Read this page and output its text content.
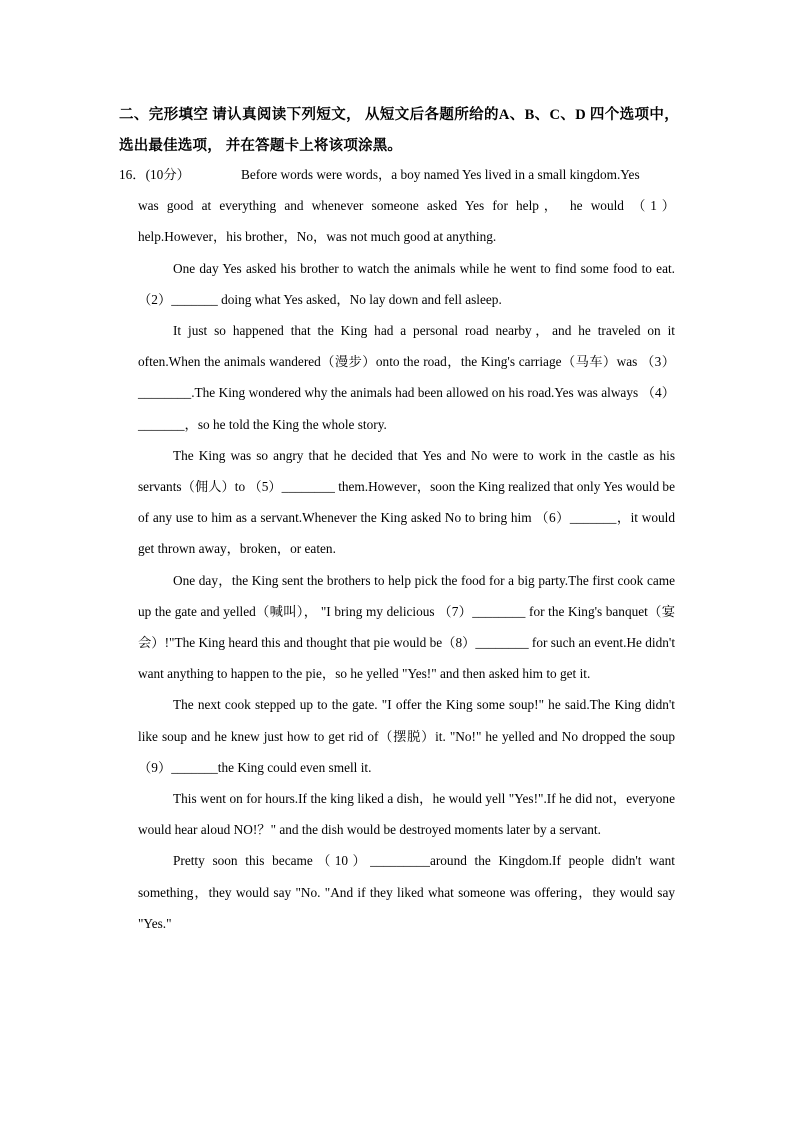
二、完形填空 请认真阅读下列短文， 从短文后各题所给的A、B、C、D 四个选项中，选出最佳选项， 并在答题卡上将该项涂黑。
16．(10分）	Before words were words，a boy named Yes lived in a small kingdom.Yes
was good at everything and whenever someone asked Yes for help， he would （1） help.However，his brother，No，was not much good at anything.

One day Yes asked his brother to watch the animals while he went to find some food to eat. （2）_______ doing what Yes asked，No lay down and fell asleep.

It just so happened that the King had a personal road nearby，and he traveled on it often.When the animals wandered（漫步）onto the road，the King's carriage（马车）was （3）________.The King wondered why the animals had been allowed on his road.Yes was always （4）_______，so he told the King the whole story.

The King was so angry that he decided that Yes and No were to work in the castle as his servants（佣人）to （5）________ them.However，soon the King realized that only Yes would be of any use to him as a servant.Whenever the King asked No to bring him （6）_______，it would get thrown away，broken，or eaten.

One day，the King sent the brothers to help pick the food for a big party.The first cook came up the gate and yelled（喊叫）， "I bring my delicious （7）________ for the King's banquet（宴会）!"The King heard this and thought that pie would be（8）________ for such an event.He didn't want anything to happen to the pie，so he yelled "Yes!" and then asked him to get it.

The next cook stepped up to the gate. "I offer the King some soup!" he said.The King didn't like soup and he knew just how to get rid of（摆脱）it. "No!" he yelled and No dropped the soup （9）_______the King could even smell it.

This went on for hours.If the king liked a dish，he would yell "Yes!".If he did not，everyone would hear aloud NO!？" and the dish would be destroyed moments later by a servant.

Pretty soon this became（10）_________around the Kingdom.If people didn't want something，they would say "No. "And if they liked what someone was offering，they would say "Yes."
